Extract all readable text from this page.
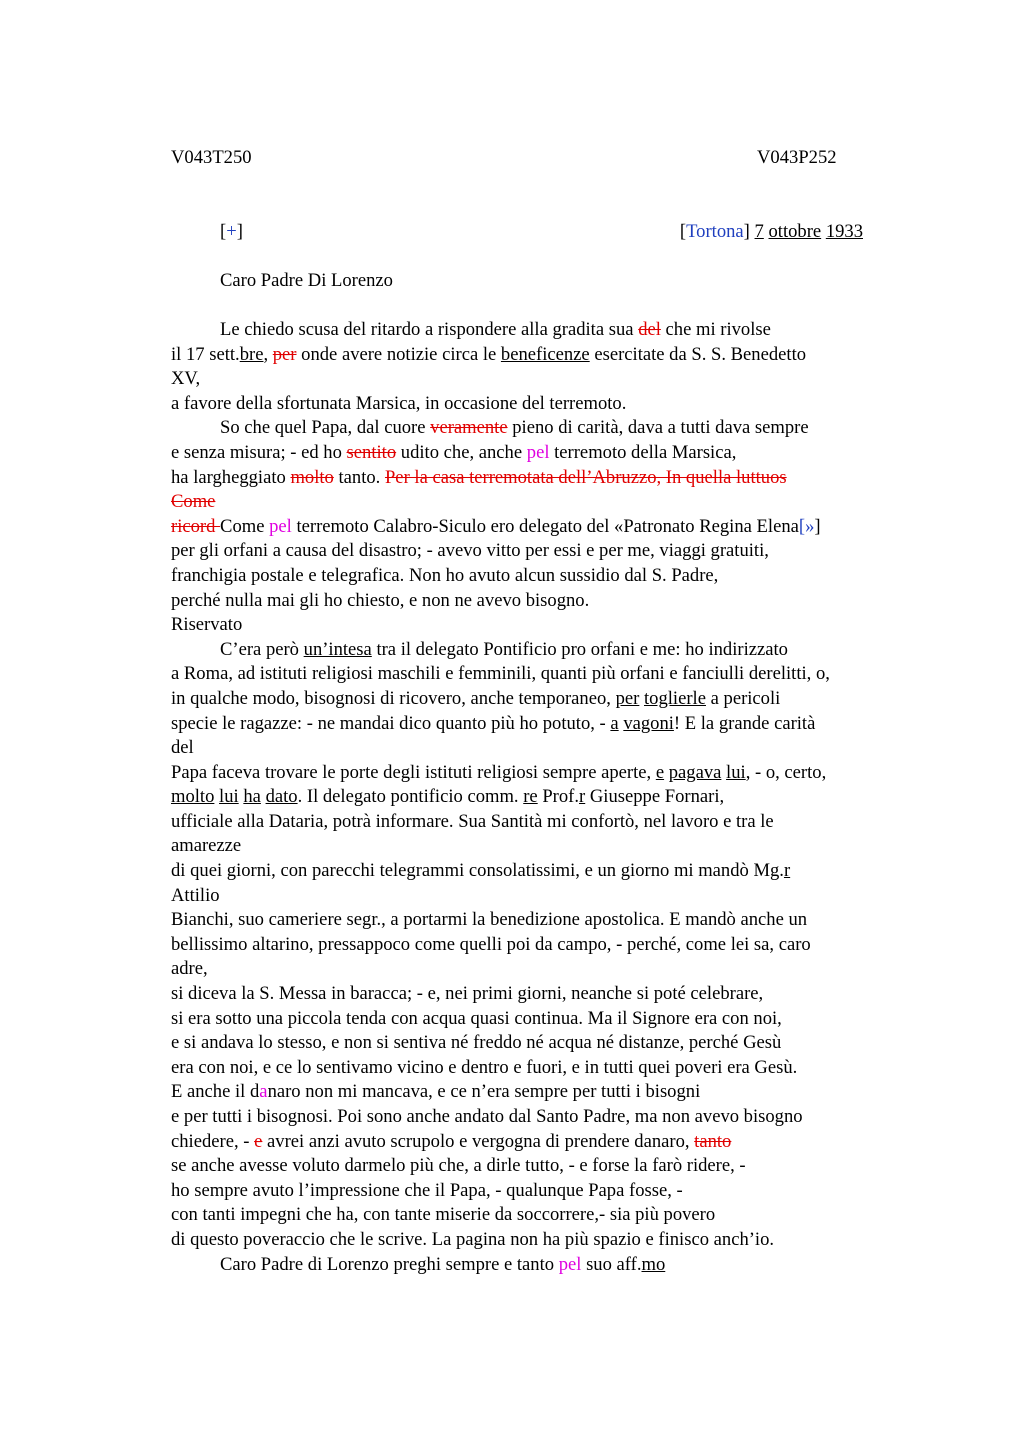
V043T250	V043P252
[+]	[Tortona] 7 ottobre 1933
Caro Padre Di Lorenzo
Le chiedo scusa del ritardo a rispondere alla gradita sua del che mi rivolse
il 17 sett.bre, per onde avere notizie circa le beneficenze esercitate da S. S. Benedetto
XV,
a favore della sfortunata Marsica, in occasione del terremoto.
So che quel Papa, dal cuore veramente pieno di carità, dava a tutti dava sempre
e senza misura; - ed ho sentito udito che, anche pel terremoto della Marsica,
ha largheggiato molto tanto. Per la casa terremotata dell’Abruzzo, In quella luttuos
Come
ricord Come pel terremoto Calabro-Siculo ero delegato del «Patronato Regina Elena[»]
per gli orfani a causa del disastro; - avevo vitto per essi e per me, viaggi gratuiti,
franchigia postale e telegrafica. Non ho avuto alcun sussidio dal S. Padre,
perché nulla mai gli ho chiesto, e non ne avevo bisogno.
Riservato
C’era però un’intesa tra il delegato Pontificio pro orfani e me: ho indirizzato
a Roma, ad istituti religiosi maschili e femminili, quanti più orfani e fanciulli derelitti, o,
in qualche modo, bisognosi di ricovero, anche temporaneo, per toglierle a pericoli
specie le ragazze: - ne mandai dico quanto più ho potuto, - a vagoni! E la grande carità
del
Papa faceva trovare le porte degli istituti religiosi sempre aperte, e pagava lui, - o, certo,
molto lui ha dato. Il delegato pontificio comm. re Prof.r Giuseppe Fornari,
ufficiale alla Dataria, potrà informare. Sua Santità mi confortò, nel lavoro e tra le
amarezze
di quei giorni, con parecchi telegrammi consolatissimi, e un giorno mi mandò Mg.r
Attilio
Bianchi, suo cameriere segr., a portarmi la benedizione apostolica. E mandò anche un
bellissimo altarino, pressappoco come quelli poi da campo, - perché, come lei sa, caro
adre,
si diceva la S. Messa in baracca; - e, nei primi giorni, neanche si poté celebrare,
si era sotto una piccola tenda con acqua quasi continua. Ma il Signore era con noi,
e si andava lo stesso, e non si sentiva né freddo né acqua né distanze, perché Gesù
era con noi, e ce lo sentivamo vicino e dentro e fuori, e in tutti quei poveri era Gesù.
E anche il danaro non mi mancava, e ce n’era sempre per tutti i bisogni
e per tutti i bisognosi. Poi sono anche andato dal Santo Padre, ma non avevo bisogno
chiedere, - e avrei anzi avuto scrupolo e vergogna di prendere danaro, tanto
se anche avesse voluto darmelo più che, a dirle tutto, - e forse la farò ridere, -
ho sempre avuto l’impressione che il Papa, - qualunque Papa fosse, -
con tanti impegni che ha, con tante miserie da soccorrere,- sia più povero
di questo poveraccio che le scrive. La pagina non ha più spazio e finisco anch’io.
Caro Padre di Lorenzo preghi sempre e tanto pel suo aff.mo
